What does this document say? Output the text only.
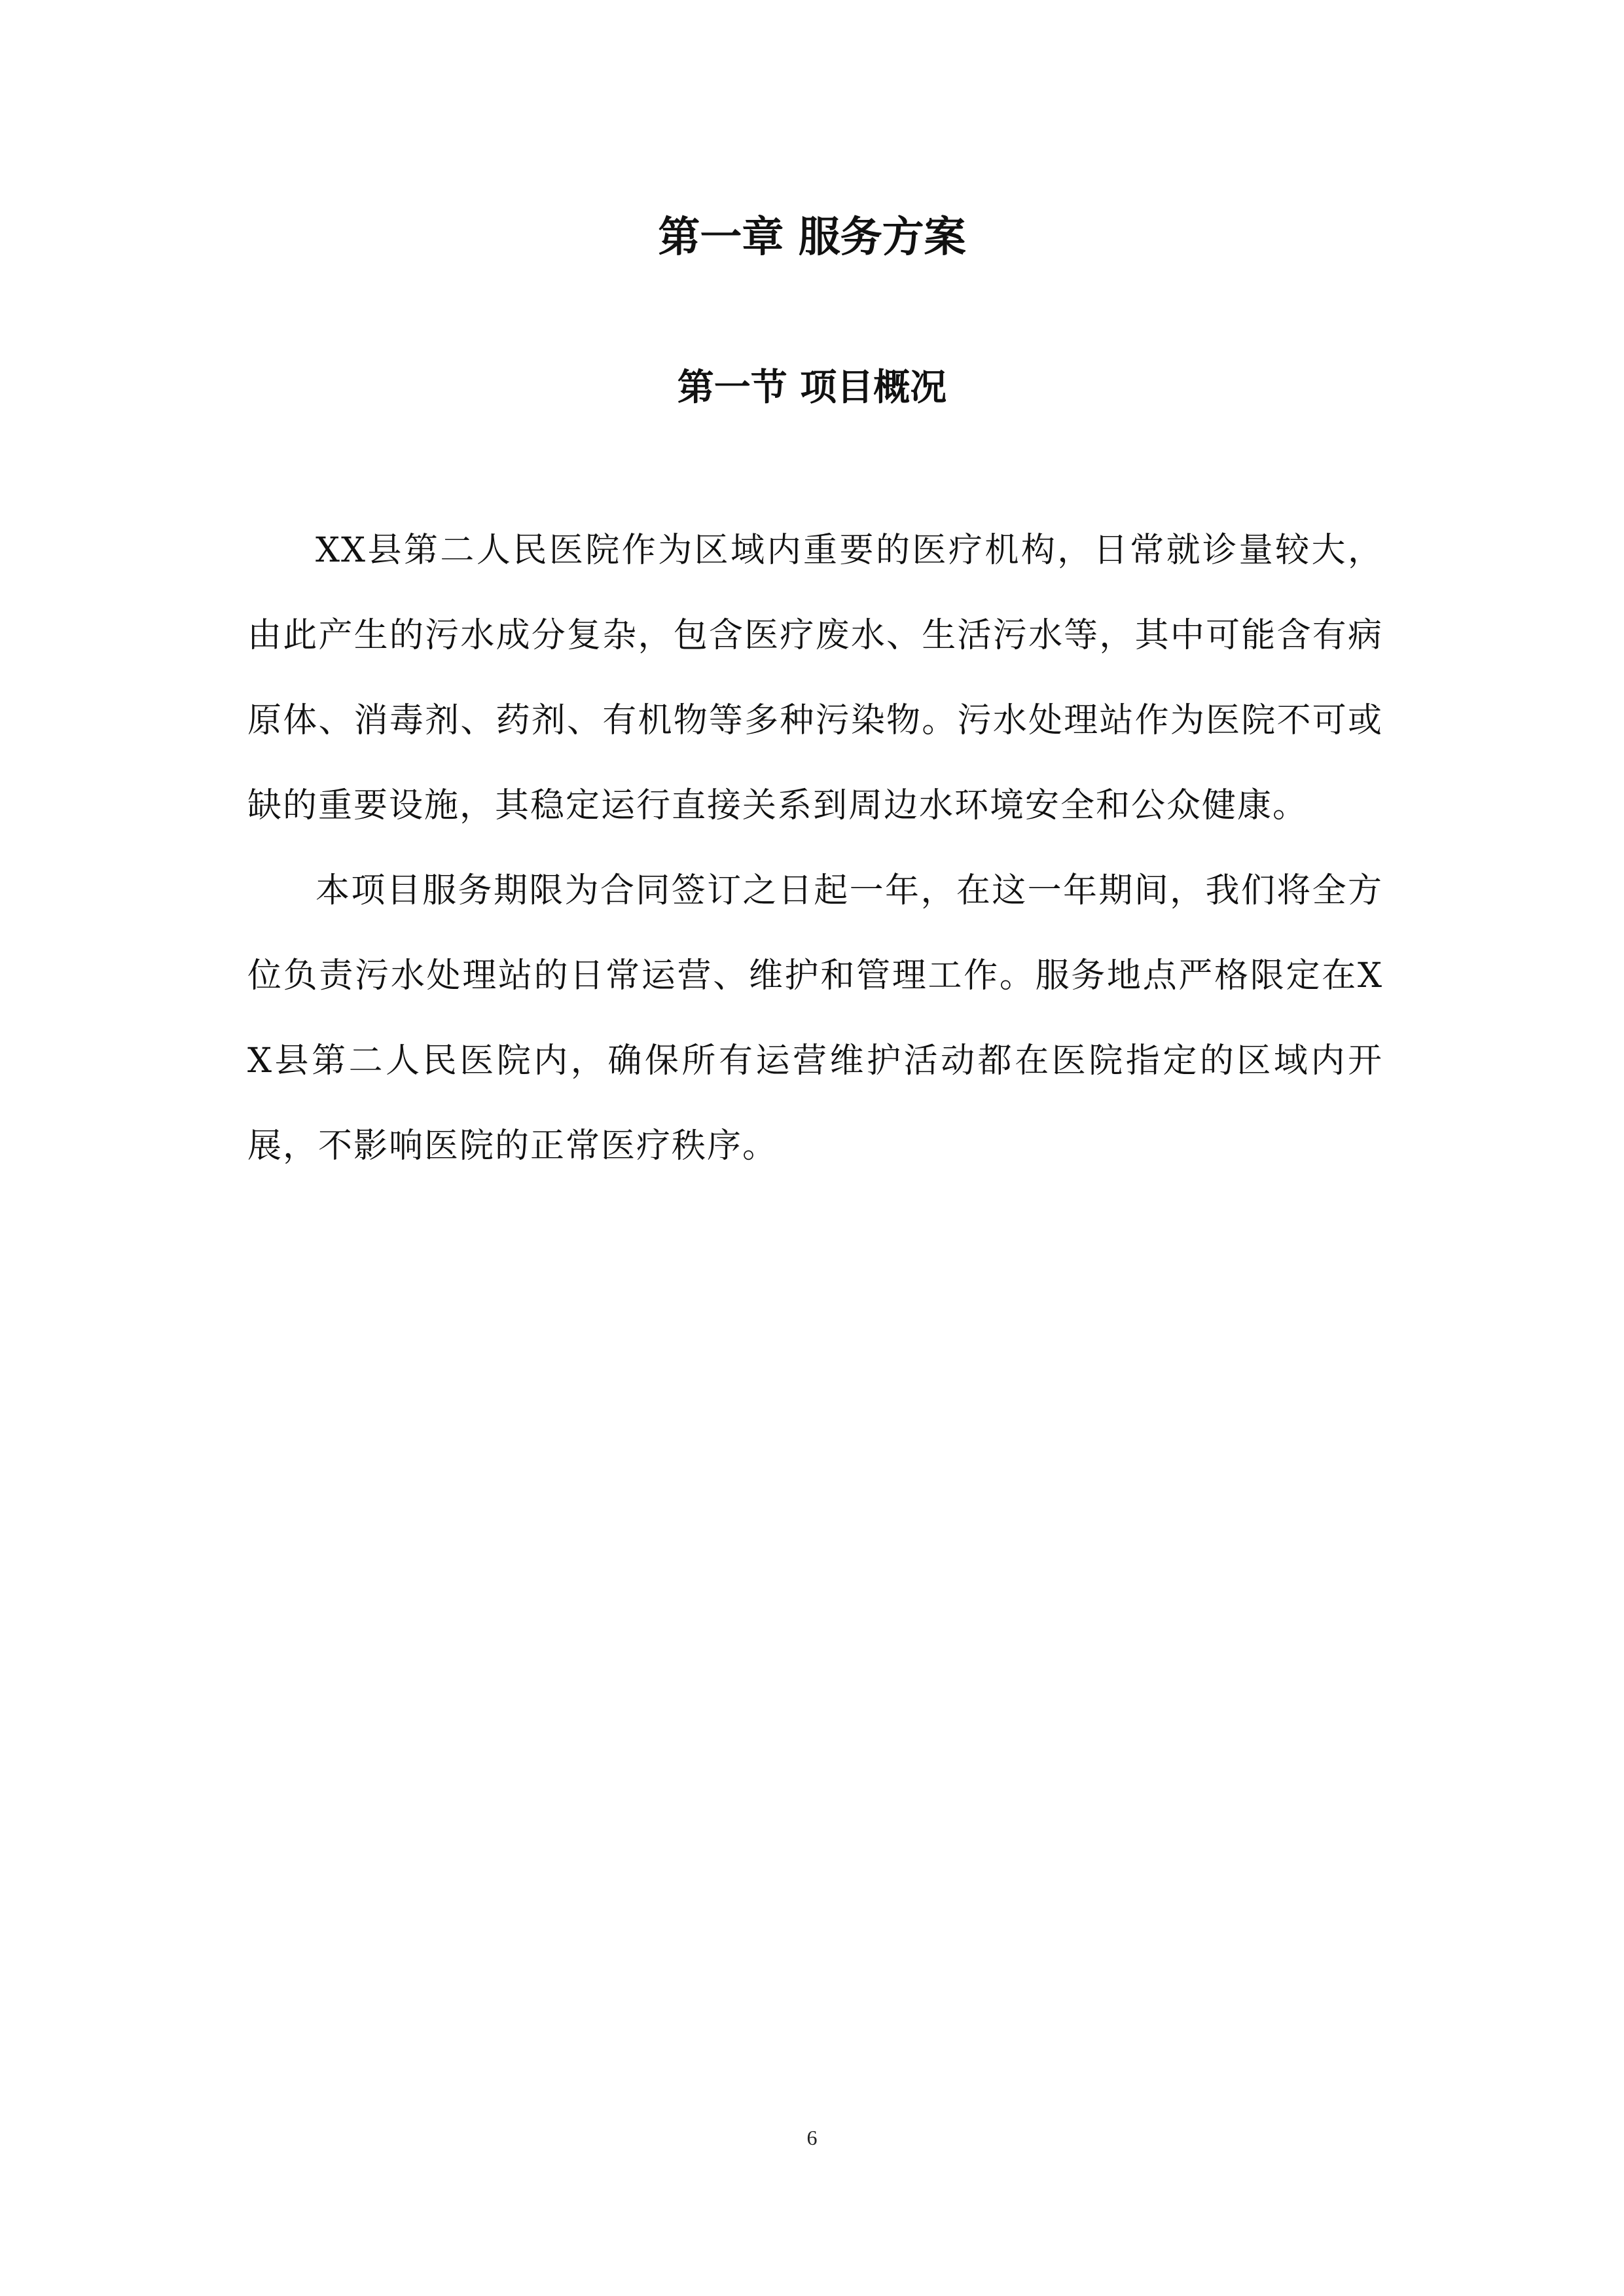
第一章 服务方案
第一节 项目概况

XX县第二人民医院作为区域内重要的医疗机构，日常就诊量较大，由此产生的污水成分复杂，包含医疗废水、生活污水等，其中可能含有病原体、消毒剂、药剂、有机物等多种污染物。污水处理站作为医院不可或缺的重要设施，其稳定运行直接关系到周边水环境安全和公众健康。

本项目服务期限为合同签订之日起一年，在这一年期间，我们将全方位负责污水处理站的日常运营、维护和管理工作。服务地点严格限定在XX县第二人民医院内，确保所有运营维护活动都在医院指定的区域内开展，不影响医院的正常医疗秩序。

6
